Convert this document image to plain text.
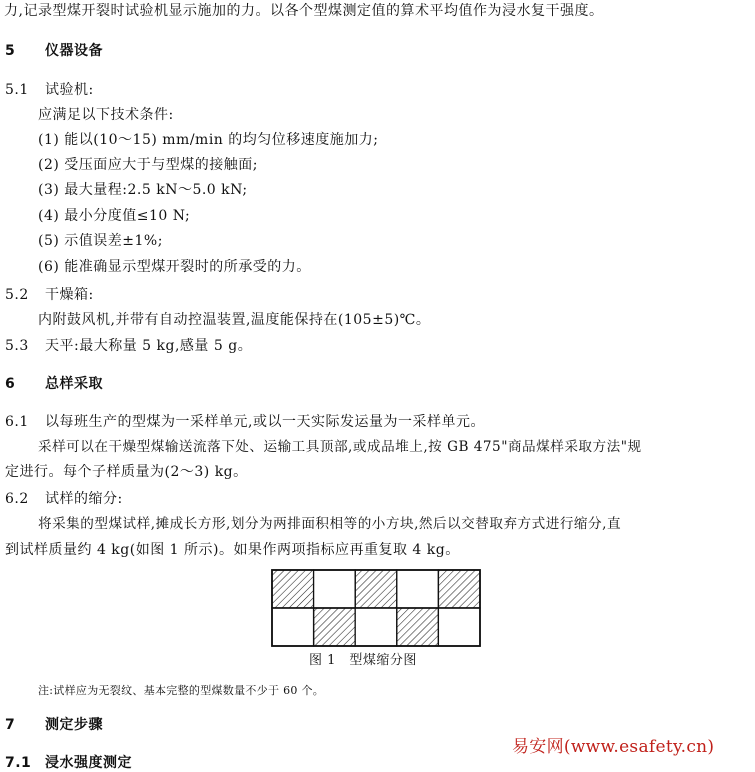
力,记录型煤开裂时试验机显示施加的力。以各个型煤测定值的算术平均值作为浸水复干强度。
5 仪器设备
5.1 试验机:
应满足以下技术条件:
(1) 能以(10～15) mm/min 的均匀位移速度施加力;
(2) 受压面应大于与型煤的接触面;
(3) 最大量程:2.5 kN～5.0 kN;
(4) 最小分度值≤10 N;
(5) 示值误差±1%;
(6) 能准确显示型煤开裂时的所承受的力。
5.2 干燥箱:
内附鼓风机,并带有自动控温装置,温度能保持在(105±5)℃。
5.3 天平:最大称量 5 kg,感量 5 g。
6 总样采取
6.1 以每班生产的型煤为一采样单元,或以一天实际发运量为一采样单元。
采样可以在干燥型煤输送流落下处、运输工具顶部,或成品堆上,按 GB 475"商品煤样采取方法"规
定进行。每个子样质量为(2～3) kg。
6.2 试样的缩分:
将采集的型煤试样,摊成长方形,划分为两排面积相等的小方块,然后以交替取弃方式进行缩分,直
到试样质量约 4 kg(如图 1 所示)。如果作两项指标应再重复取 4 kg。
图 1　型煤缩分图
注:试样应为无裂纹、基本完整的型煤数量不少于 60 个。
7 测定步骤
7.1 浸水强度测定
易安网(www.esafety.cn)
